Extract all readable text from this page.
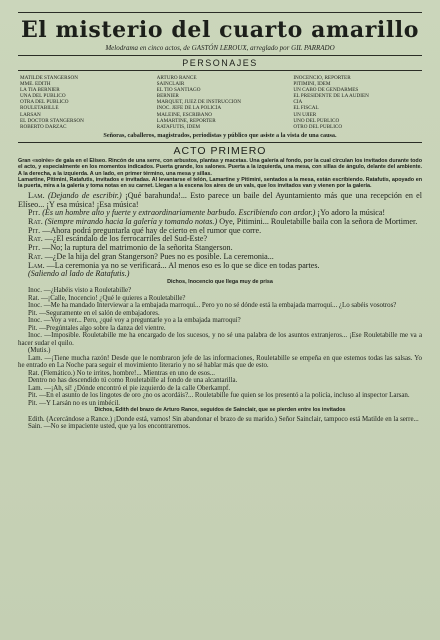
El misterio del cuarto amarillo
Melodrama en cinco actos, de GASTÓN LEROUX, arreglado por GIL PARRADO
PERSONAJES
MATILDE STANGERSON
MME. EDITH
LA TIA BERNIER
UNA DEL PÚBLICO
OTRA DEL PÚBLICO
ROULETABILLE
LARSAN
EL DOCTOR STANGERSON
ROBERTO DARZAC
ARTURO RANCE
SAINCLAIR
EL TÍO SANTIAGO
BERNIER
MARQUET, JUEZ DE INSTRUCCIÓN
INOC. JEFE DE LA POLICÍA
MALEINE, ESCRIBANO
LAMARTINE, REPORTER
RATAFUTIS, ÍDEM
INOCENCIO, REPORTER
PITIMINI, ÍDEM
UN CABO DE GENDARMES
EL PRESIDENTE DE LA AUDIEN
CIA
EL FISCAL
UN UJIER
UNO DEL PÚBLICO
OTRO DEL PÚBLICO
Señoras, caballeros, magistrados, periodistas y público que asiste a la vista de una causa.
ACTO PRIMERO
Gran «soirée» de gala en el Elíseo. Rincón de una serre, con arbustos, plantas y macetas. Una galería al fondo, por la cual circulan los invitados durante todo el acto, y especialmente en los momentos indicados. Puerta grande, los salones. Puerta a la izquierda, una mesa, con sillas de ángulo, delante del ambiente. A la derecha, a la izquierda. A un lado, en primer término, una mesa y sillas.
Lamartine, Pitimini, Ratafutis, invitados e invitadas. Al levantarse el telón, Lamartine y Pitimini, sentados a la mesa, están escribiendo. Ratafutis, apoyado en la puerta, mira a la galería y toma notas en su carnet. Llegan a la escena los aires de un vals, que los invitados van y vienen por la galería.
Lam. (Dejando de escribir.) ¡Qué barahunda!... Esto parece un baile del Ayuntamiento más que una recepción en el Elíseo... ¡Y esa música! ¡Esa música!
Pit. (Es un hombre alto y fuerte y extraordinariamente barbudo. Escribiendo con ardor.) ¡Yo adoro la música!
Rat. (Siempre mirando hacia la galería y tomando notas.) Oye, Pitimini... Rouletabille baila con la señora de Mortimer.
Pit. —Ahora podrá preguntarla qué hay de cierto en el rumor que corre.
Rat. —¿El escándalo de los ferrocarriles del Sud-Este?
Pit. —No; la ruptura del matrimonio de la señorita Stangerson.
Rat. —¿De la hija del gran Stangerson? Pues no es posible. La ceremonia...
Lam. —La ceremonia ya no se verificará... Al menos eso es lo que se dice en todas partes.
(Saliendo al lado de Ratafutis.)
Dichos, Inocencio que llega muy de prisa
Inoc. —¿Habéis visto a Rouletabille?
Rat. —¡Calle, Inocencio! ¿Qué le quieres a Rouletabille?
Inoc. —Me ha mandado Interviewar a la embajada marroquí... Pero yo no sé dónde está la embajada marroquí... ¿Lo sabéis vosotros?
Pit. —Seguramente en el salón de embajadores.
Inoc. —Voy a ver... Pero, ¿qué voy a preguntarle yo a la embajada marroquí?
Pit. —Pregúntales algo sobre la danza del vientre.
Inoc. —Imposible. Rouletabille me ha encargado de los sucesos, y no sé una palabra de los asuntos extranjeros... ¡Ese Rouletabille me va a hacer sudar el quilo.
(Mutis.)
Lam. —¡Tiene mucha razón! Desde que le nombraron jefe de las informaciones, Rouletabille se empeña en que estemos todas las salsas. Yo he entrado en La Noche para seguir el movimiento literario y no sé hablar más que de esto.
Rat. (Flemático.) No te irrites, hombre!... Mientras en uno de esos...
Dentro no has descendido tú como Rouletabille al fondo de una alcantarilla.
Lam. —¡Ah, sí! ¿Dónde encontró el pie izquierdo de la calle Oberkampf.
Pit. —En el asunto de los lingotes de oro ¿no os acordáis?... Rouletabille fue quien se los presentó a la policía, incluso al inspector Larsan.
Pit. —Y Larsán no es un imbécil.
Dichos, Edith del brazo de Arturo Rance, seguidos de Sainclair, que se pierden entre los invitados
Edith. (Acercándose a Rance.) ¡Donde está, vamos! Sin abandonar el brazo de su marido.) Señor Sainclair, tampoco está Matilde en la serre...
Sain. —No se impaciente usted, que ya los encontraremos.
